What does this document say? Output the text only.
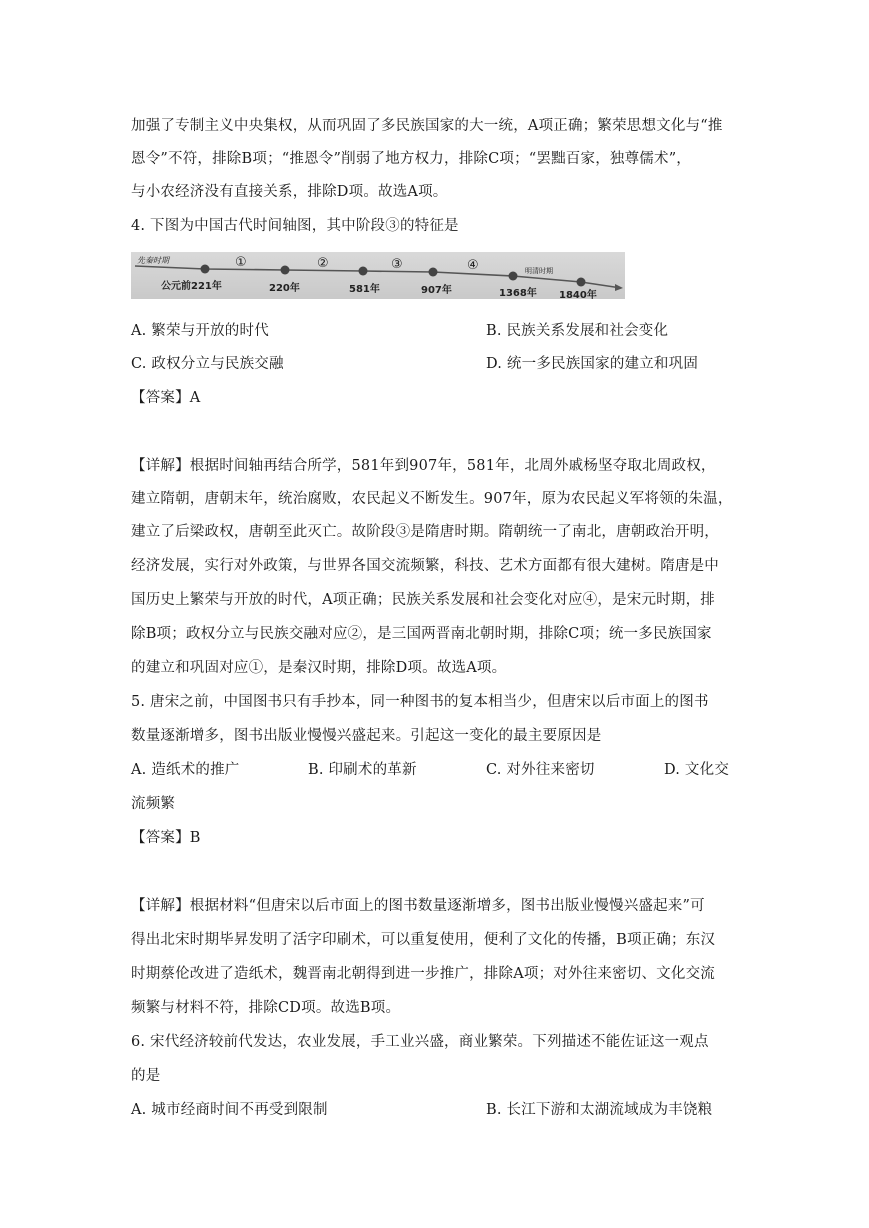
加强了专制主义中央集权，从而巩固了多民族国家的大一统，A项正确；繁荣思想文化与“推
恩令”不符，排除B项；“推恩令”削弱了地方权力，排除C项；“罢黜百家，独尊儒术”，
与小农经济没有直接关系，排除D项。故选A项。
4. 下图为中国古代时间轴图，其中阶段③的特征是
先秦时期
明清时期
①	②	③	④
公元前221年	220年	581年	907年	1368年 1840年
A. 繁荣与开放的时代	B. 民族关系发展和社会变化
C. 政权分立与民族交融	D. 统一多民族国家的建立和巩固
【答案】A
【详解】根据时间轴再结合所学，581年到907年，581年，北周外戚杨坚夺取北周政权，
建立隋朝，唐朝末年，统治腐败，农民起义不断发生。907年，原为农民起义军将领的朱温，
建立了后梁政权，唐朝至此灭亡。故阶段③是隋唐时期。隋朝统一了南北，唐朝政治开明，
经济发展，实行对外政策，与世界各国交流频繁，科技、艺术方面都有很大建树。隋唐是中
国历史上繁荣与开放的时代，A项正确；民族关系发展和社会变化对应④，是宋元时期，排
除B项；政权分立与民族交融对应②，是三国两晋南北朝时期，排除C项；统一多民族国家
的建立和巩固对应①，是秦汉时期，排除D项。故选A项。
5. 唐宋之前，中国图书只有手抄本，同一种图书的复本相当少，但唐宋以后市面上的图书
数量逐渐增多，图书出版业慢慢兴盛起来。引起这一变化的最主要原因是
A. 造纸术的推广	B. 印刷术的革新	C. 对外往来密切	D. 文化交
流频繁
【答案】B
【详解】根据材料“但唐宋以后市面上的图书数量逐渐增多，图书出版业慢慢兴盛起来”可
得出北宋时期毕昇发明了活字印刷术，可以重复使用，便利了文化的传播，B项正确；东汉
时期蔡伦改进了造纸术，魏晋南北朝得到进一步推广，排除A项；对外往来密切、文化交流
频繁与材料不符，排除CD项。故选B项。
6. 宋代经济较前代发达，农业发展，手工业兴盛，商业繁荣。下列描述不能佐证这一观点
的是
A. 城市经商时间不再受到限制	B. 长江下游和太湖流域成为丰饶粮
